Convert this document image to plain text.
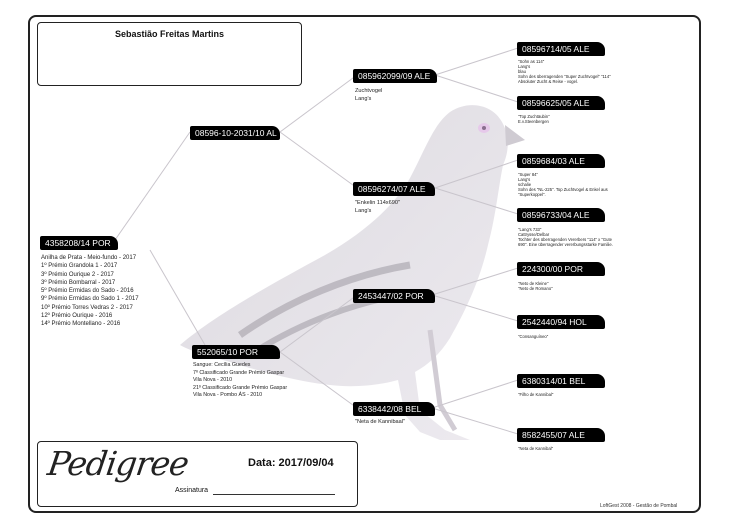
Sebastião Freitas Martins
4358208/14 POR
Anilha de Prata - Meio-fundo - 2017
1º Prémio Grandola 1 - 2017
3º Prémio Ourique 2 - 2017
3º Prémio Bombarral - 2017
5º Prémio Ermidas do Sado - 2016
9º Prémio Ermidas do Sado 1 - 2017
10º Prémio Torres Vedras 2 - 2017
12º Prémio Ourique - 2016
14º Prémio Montellano - 2016
08596-10-2031/10 AL
552065/10 POR
Sangue: Cecília Guedes
7º Classificado Grande Prémio Gaspar
Vila Nova - 2010
21º Classificado Grande Prémio Gaspar
Vila Nova - Pombo ÁS - 2010
085962099/09 ALE
Zuchtvogel
Lang's
08596274/07 ALE
"Enkelin 114x690"
Lang's
2453447/02 POR
6338442/08 BEL
"Neta de Kannibaal"
08596714/05 ALE
"Sohn as 114"
Lang's
blau
Sohn des überragenden "Super Zuchtvogel" "114"
Absoluter Zucht & Reise - vogel.
08596625/05 ALE
"Top Zuchtäubin"
E.v.Steenbergen
0859684/03 ALE
"Super 84"
Lang's
schalie
Sohn des "NL-225". Top Zuchtvogel & Enkel aus
"Superkoppel".
08596733/04 ALE
"Lang's 733"
Cattrysse/Delbar
Tochter des überragenden Vererbers "114" x "Gute
690". Eine überragender vererbungsstarke Familie.
224300/00 POR
"Neto de Kleine"
"Neto de Romano"
2542440/94 HOL
"Consanguíneo"
6380314/01 BEL
"Filho de Kannibal"
8582455/07 ALE
"Neta de Kannibal"
Pedigree	Data: 2017/09/04
Assinatura
LoftGest 2008 - Gestão de Pombal
